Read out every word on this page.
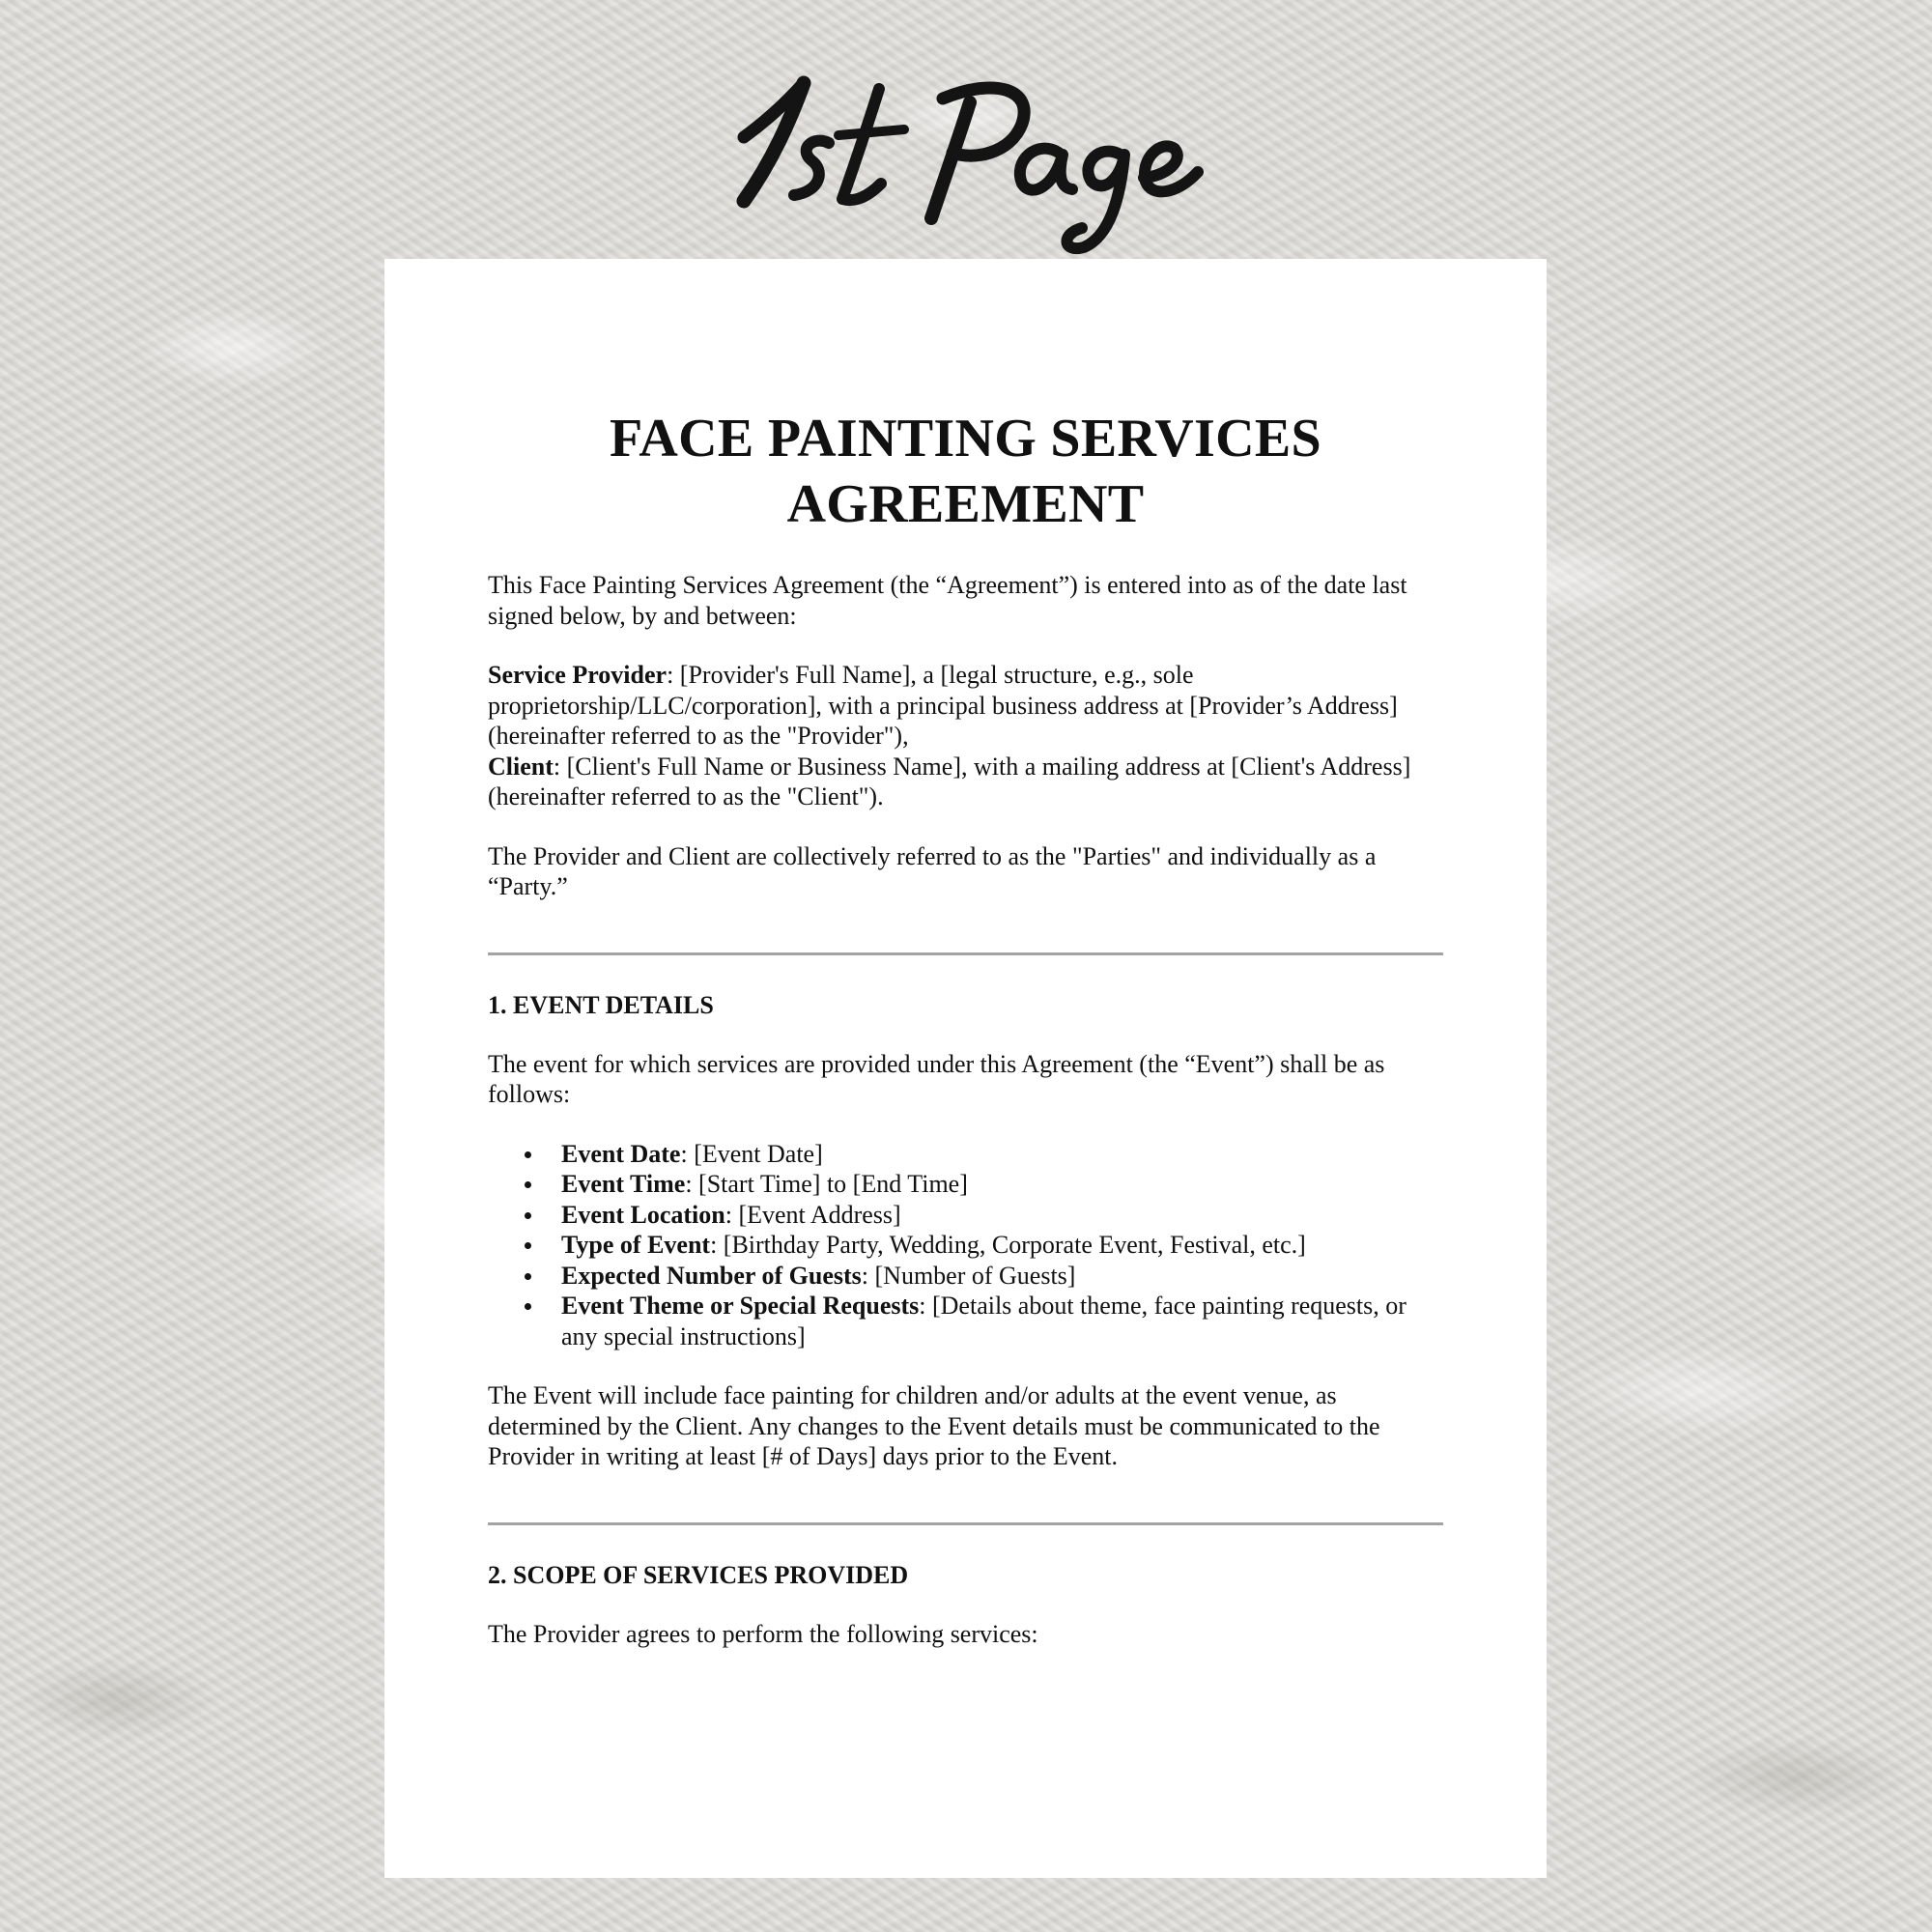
FACE PAINTING SERVICES
AGREEMENT

This Face Painting Services Agreement (the “Agreement”) is entered into as of the date last signed below, by and between:

Service Provider: [Provider's Full Name], a [legal structure, e.g., sole proprietorship/LLC/corporation], with a principal business address at [Provider’s Address] (hereinafter referred to as the "Provider"),

Client: [Client's Full Name or Business Name], with a mailing address at [Client's Address] (hereinafter referred to as the "Client").

The Provider and Client are collectively referred to as the "Parties" and individually as a “Party.”

1. EVENT DETAILS

The event for which services are provided under this Agreement (the “Event”) shall be as follows:

Event Date: [Event Date]
Event Time: [Start Time] to [End Time]
Event Location: [Event Address]
Type of Event: [Birthday Party, Wedding, Corporate Event, Festival, etc.]
Expected Number of Guests: [Number of Guests]
Event Theme or Special Requests: [Details about theme, face painting requests, or any special instructions]

The Event will include face painting for children and/or adults at the event venue, as determined by the Client. Any changes to the Event details must be communicated to the Provider in writing at least [# of Days] days prior to the Event.

2. SCOPE OF SERVICES PROVIDED

The Provider agrees to perform the following services:
